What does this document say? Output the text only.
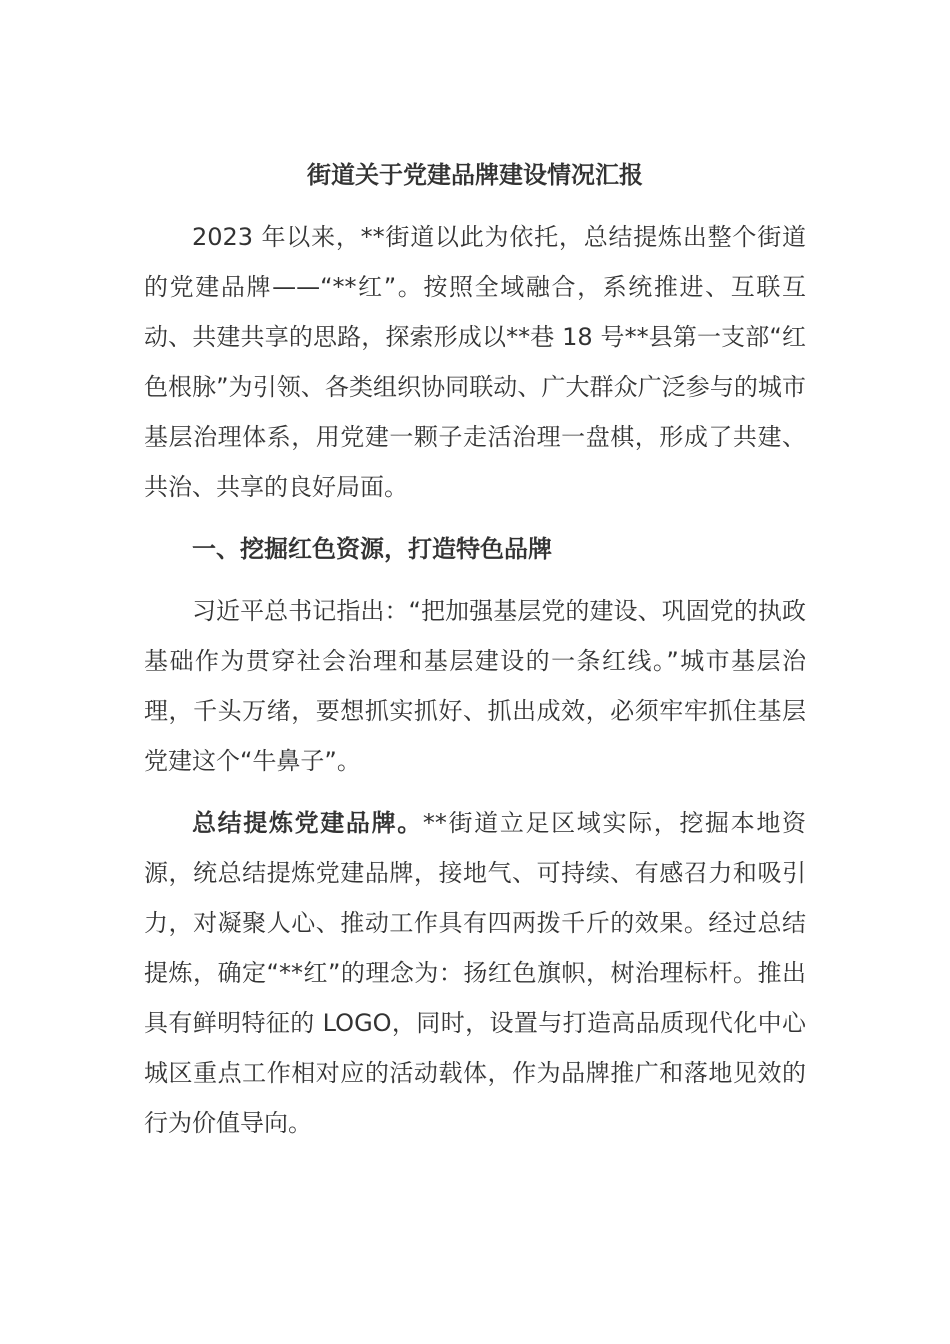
街道关于党建品牌建设情况汇报

2023 年以来，**街道以此为依托，总结提炼出整个街道的党建品牌——“**红”。按照全域融合，系统推进、互联互动、共建共享的思路，探索形成以**巷 18 号**县第一支部“红色根脉”为引领、各类组织协同联动、广大群众广泛参与的城市基层治理体系，用党建一颗子走活治理一盘棋，形成了共建、共治、共享的良好局面。

一、挖掘红色资源，打造特色品牌

习近平总书记指出：“把加强基层党的建设、巩固党的执政基础作为贯穿社会治理和基层建设的一条红线。”城市基层治理，千头万绪，要想抓实抓好、抓出成效，必须牢牢抓住基层党建这个“牛鼻子”。

总结提炼党建品牌。**街道立足区域实际，挖掘本地资源，统总结提炼党建品牌，接地气、可持续、有感召力和吸引力，对凝聚人心、推动工作具有四两拨千斤的效果。经过总结提炼，确定“**红”的理念为：扬红色旗帜，树治理标杆。推出具有鲜明特征的 LOGO，同时，设置与打造高品质现代化中心城区重点工作相对应的活动载体，作为品牌推广和落地见效的行为价值导向。
